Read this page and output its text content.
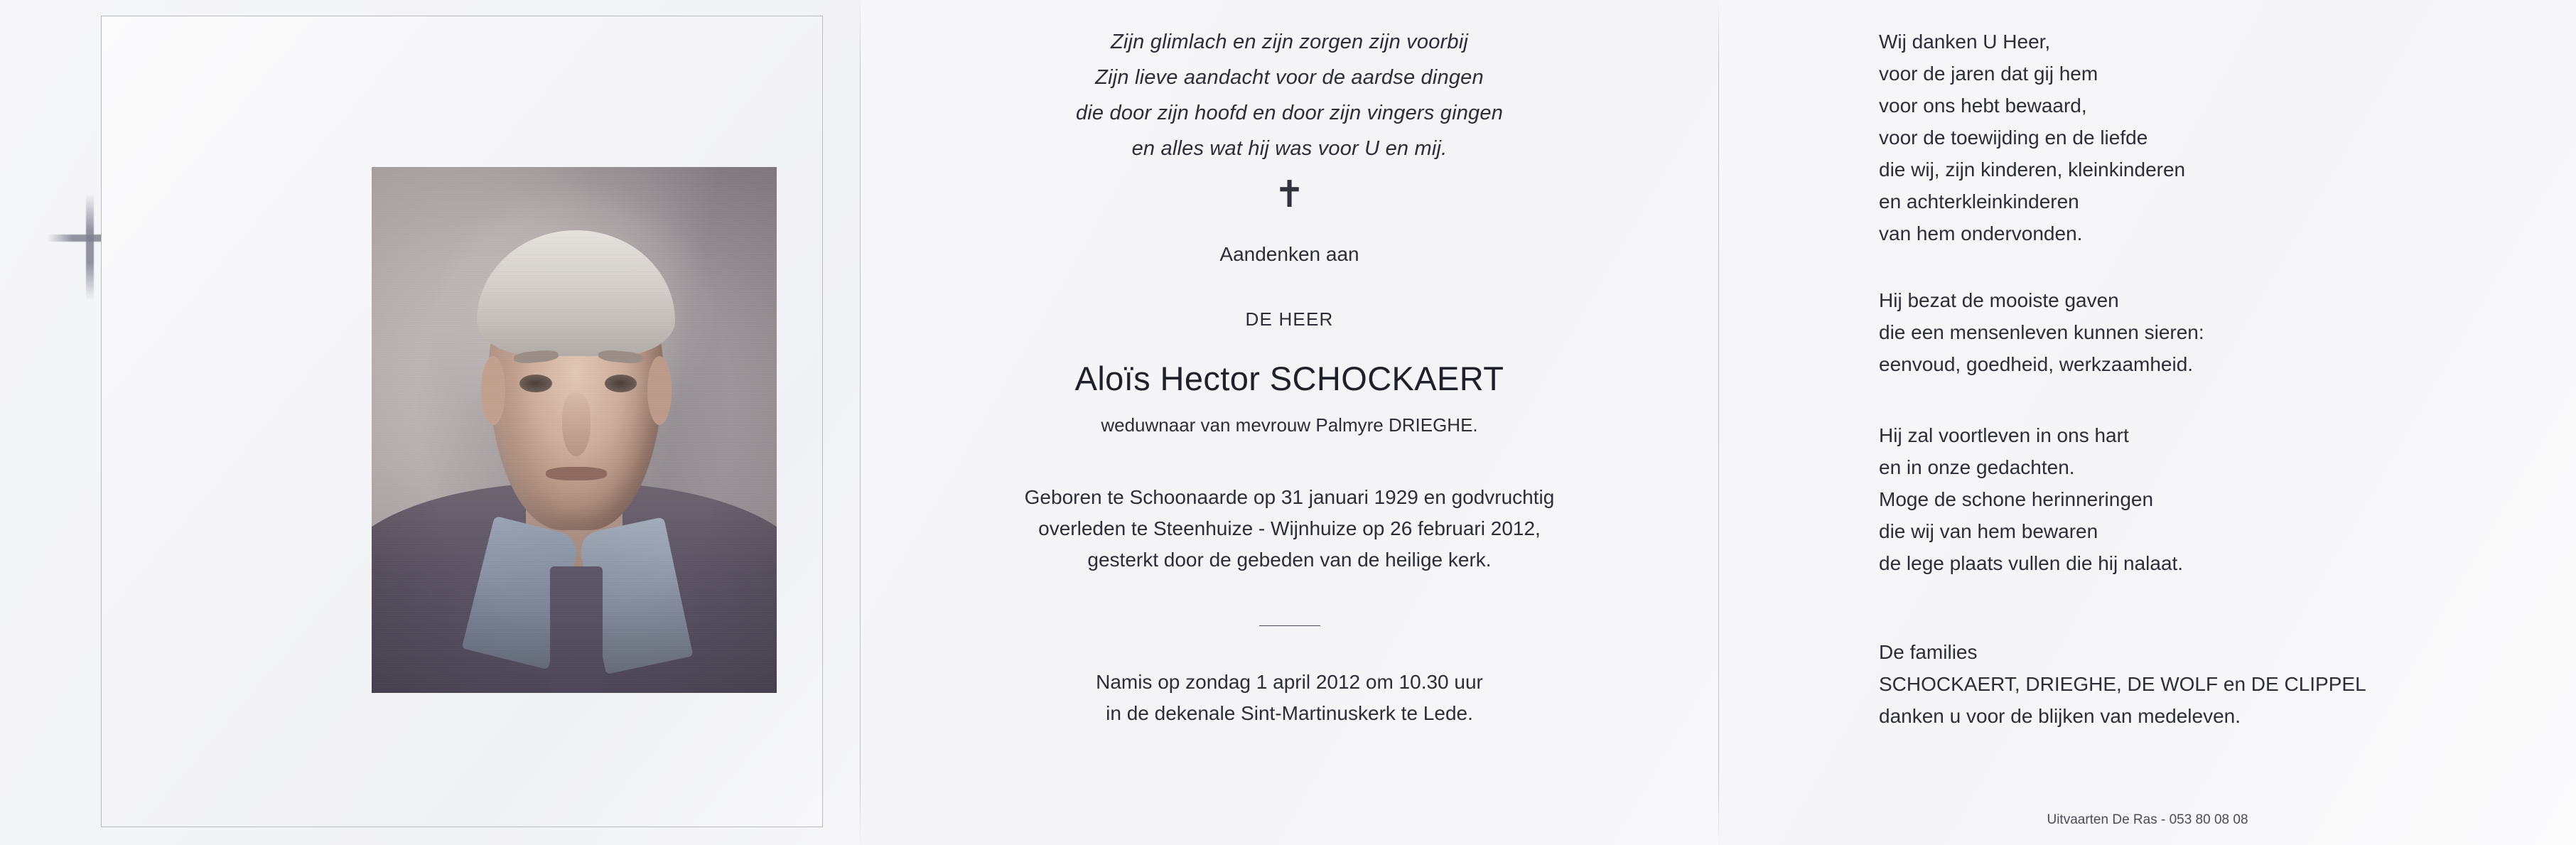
Zijn glimlach en zijn zorgen zijn voorbij
Zijn lieve aandacht voor de aardse dingen
die door zijn hoofd en door zijn vingers gingen
en alles wat hij was voor U en mij.
✝
Aandenken aan
DE HEER
Aloïs Hector SCHOCKAERT
weduwnaar van mevrouw Palmyre DRIEGHE.
Geboren te Schoonaarde op 31 januari 1929 en godvruchtig
overleden te Steenhuize - Wijnhuize op 26 februari 2012,
gesterkt door de gebeden van de heilige kerk.
Namis op zondag 1 april 2012 om 10.30 uur
in de dekenale Sint-Martinuskerk te Lede.
Wij danken U Heer,
voor de jaren dat gij hem
voor ons hebt bewaard,
voor de toewijding en de liefde
die wij, zijn kinderen, kleinkinderen
en achterkleinkinderen
van hem ondervonden.
Hij bezat de mooiste gaven
die een mensenleven kunnen sieren:
eenvoud, goedheid, werkzaamheid.
Hij zal voortleven in ons hart
en in onze gedachten.
Moge de schone herinneringen
die wij van hem bewaren
de lege plaats vullen die hij nalaat.
De families
SCHOCKAERT, DRIEGHE, DE WOLF en DE CLIPPEL
danken u voor de blijken van medeleven.
Uitvaarten De Ras - 053 80 08 08
